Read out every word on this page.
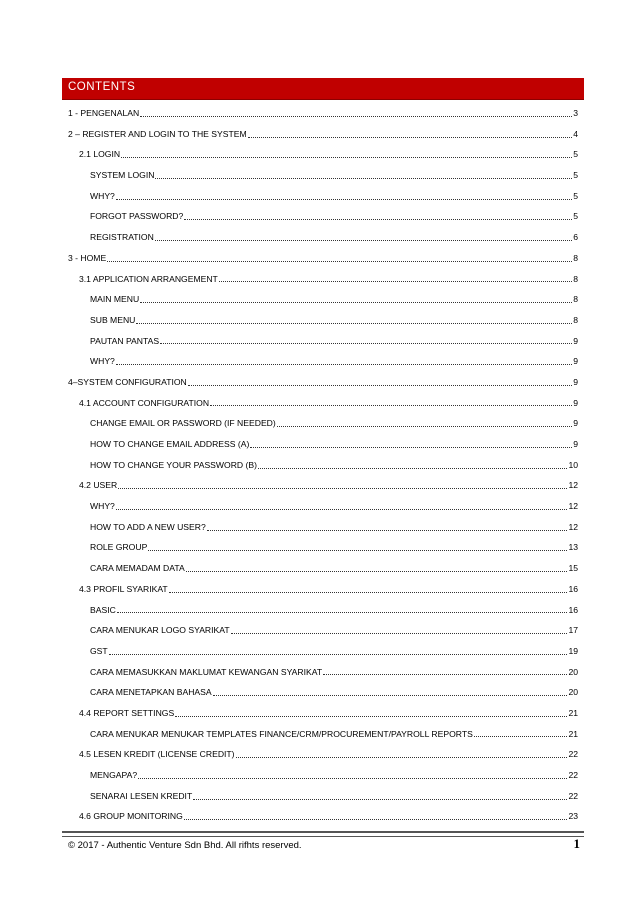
CONTENTS
1 - PENGENALAN	3
2 – REGISTER AND LOGIN TO THE SYSTEM	4
2.1 LOGIN	5
SYSTEM LOGIN	5
WHY?	5
FORGOT PASSWORD?	5
REGISTRATION	6
3 - HOME	8
3.1 APPLICATION ARRANGEMENT	8
MAIN MENU	8
SUB MENU	8
PAUTAN PANTAS	9
WHY?	9
4–SYSTEM CONFIGURATION	9
4.1 ACCOUNT CONFIGURATION	9
CHANGE EMAIL OR PASSWORD (IF NEEDED)	9
HOW TO CHANGE EMAIL ADDRESS (A)	9
HOW TO CHANGE YOUR PASSWORD (B)	10
4.2 USER	12
WHY?	12
HOW TO ADD A NEW USER?	12
ROLE GROUP	13
CARA MEMADAM DATA	15
4.3 PROFIL SYARIKAT	16
BASIC	16
CARA MENUKAR LOGO SYARIKAT	17
GST	19
CARA MEMASUKKAN MAKLUMAT KEWANGAN SYARIKAT	20
CARA MENETAPKAN BAHASA	20
4.4 REPORT SETTINGS	21
CARA MENUKAR MENUKAR TEMPLATES FINANCE/CRM/PROCUREMENT/PAYROLL REPORTS	21
4.5 LESEN KREDIT (LICENSE CREDIT)	22
MENGAPA?	22
SENARAI LESEN KREDIT	22
4.6 GROUP MONITORING	23
© 2017 - Authentic Venture Sdn Bhd. All rifhts reserved.	1
